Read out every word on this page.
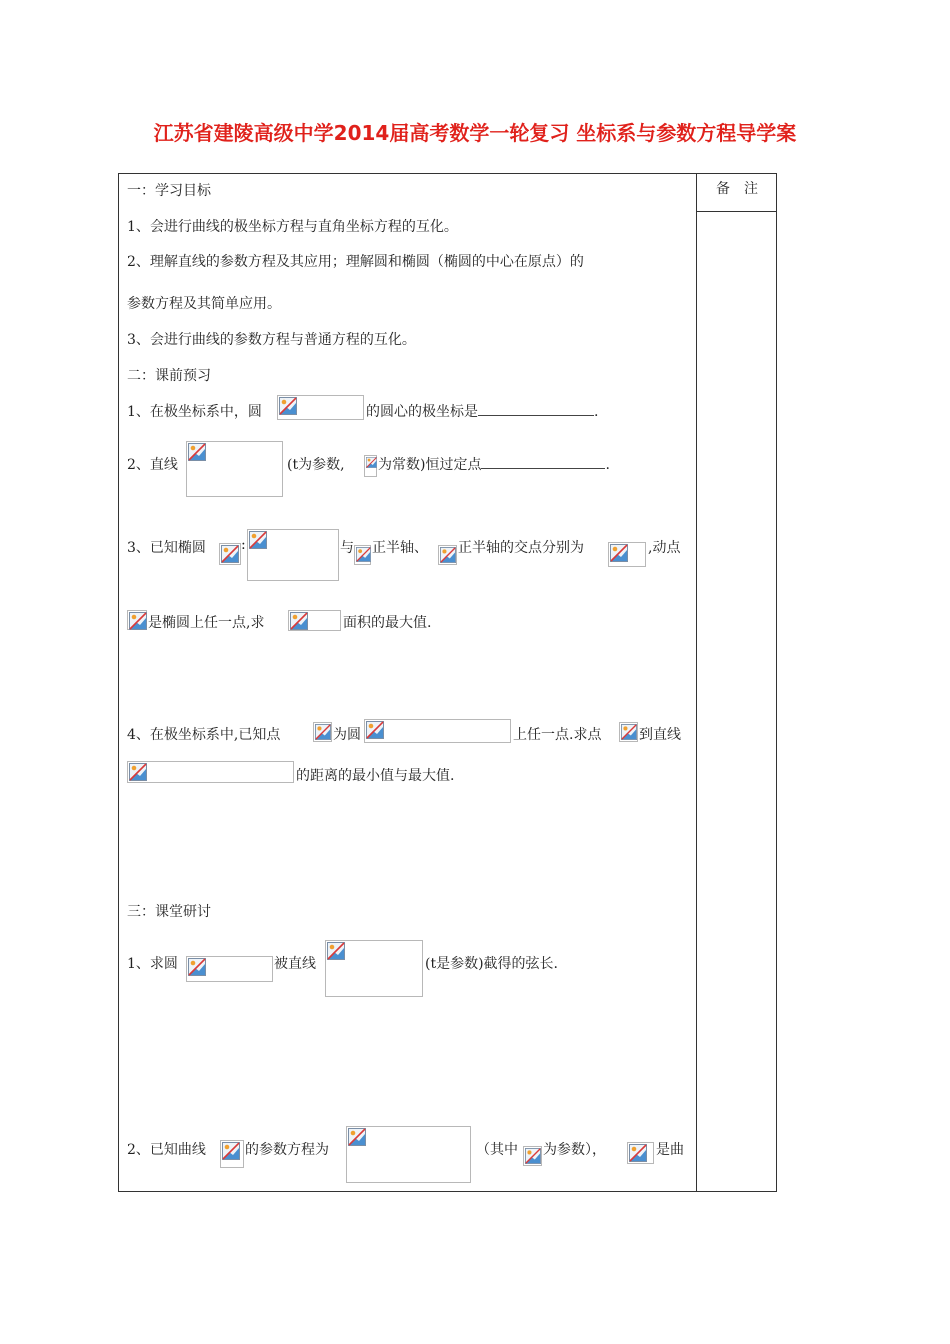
江苏省建陵高级中学2014届高考数学一轮复习 坐标系与参数方程导学案
备注
一：学习目标
1、会进行曲线的极坐标方程与直角坐标方程的互化。
2、理解直线的参数方程及其应用；理解圆和椭圆（椭圆的中心在原点）的
参数方程及其简单应用。
3、会进行曲线的参数方程与普通方程的互化。
二：课前预习
1、在极坐标系中，圆	的圆心的极坐标是	.
2、直线	(t为参数, 为常数)恒过定点	.
3、已知椭圆	:	与 正半轴、 正半轴的交点分别为	,动点
是椭圆上任一点,求	面积的最大值.
4、在极坐标系中,已知点	为圆	上任一点.求点	到直线
的距离的最小值与最大值.
三：课堂研讨
1、求圆	被直线	(t是参数)截得的弦长.
2、已知曲线	的参数方程为	（其中 为参数），	是曲
